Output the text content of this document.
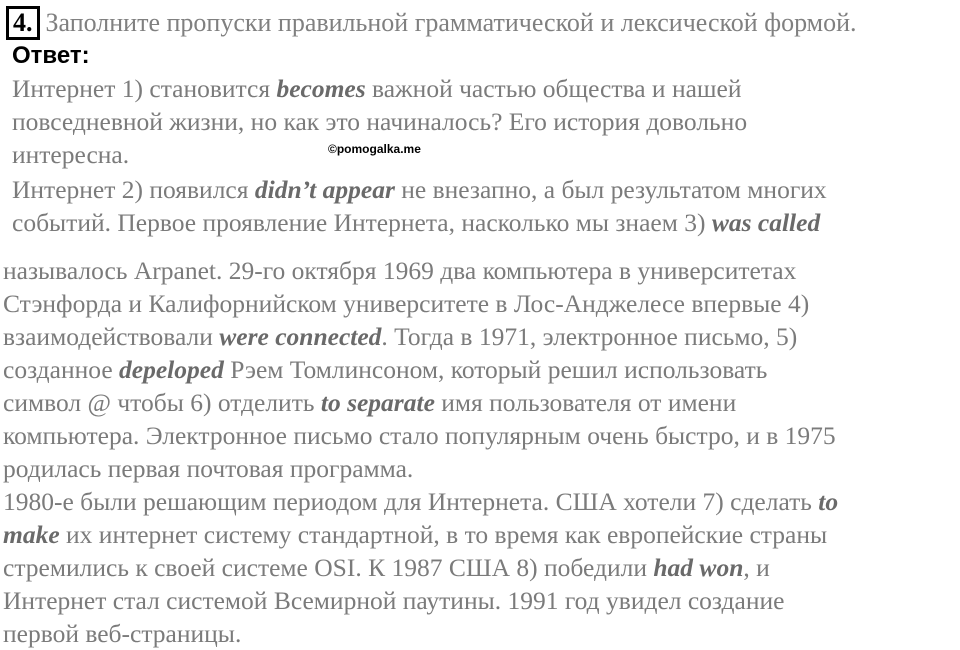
4. Заполните пропуски правильной грамматической и лексической формой.
Ответ:
Интернет 1) становится becomes важной частью общества и нашей
повседневной жизни, но как это начиналось? Его история довольно
интересна.	©pomogalka.me
Интернет 2) появился didn’t appear не внезапно, а был результатом многих
событий. Первое проявление Интернета, насколько мы знаем 3) was called
называлось Arpanet. 29-го октября 1969 два компьютера в университетах
Стэнфорда и Калифорнийском университете в Лос-Анджелесе впервые 4)
взаимодействовали were connected. Тогда в 1971, электронное письмо, 5)
созданное depeloped Рэем Томлинсоном, который решил использовать
символ @ чтобы 6) отделить to separate имя пользователя от имени
компьютера. Электронное письмо стало популярным очень быстро, и в 1975
родилась первая почтовая программа.
1980-е были решающим периодом для Интернета. США хотели 7) сделать to
make их интернет систему стандартной, в то время как европейские страны
стремились к своей системе OSI. К 1987 США 8) победили had won, и
Интернет стал системой Всемирной паутины. 1991 год увидел создание
первой веб-страницы.
